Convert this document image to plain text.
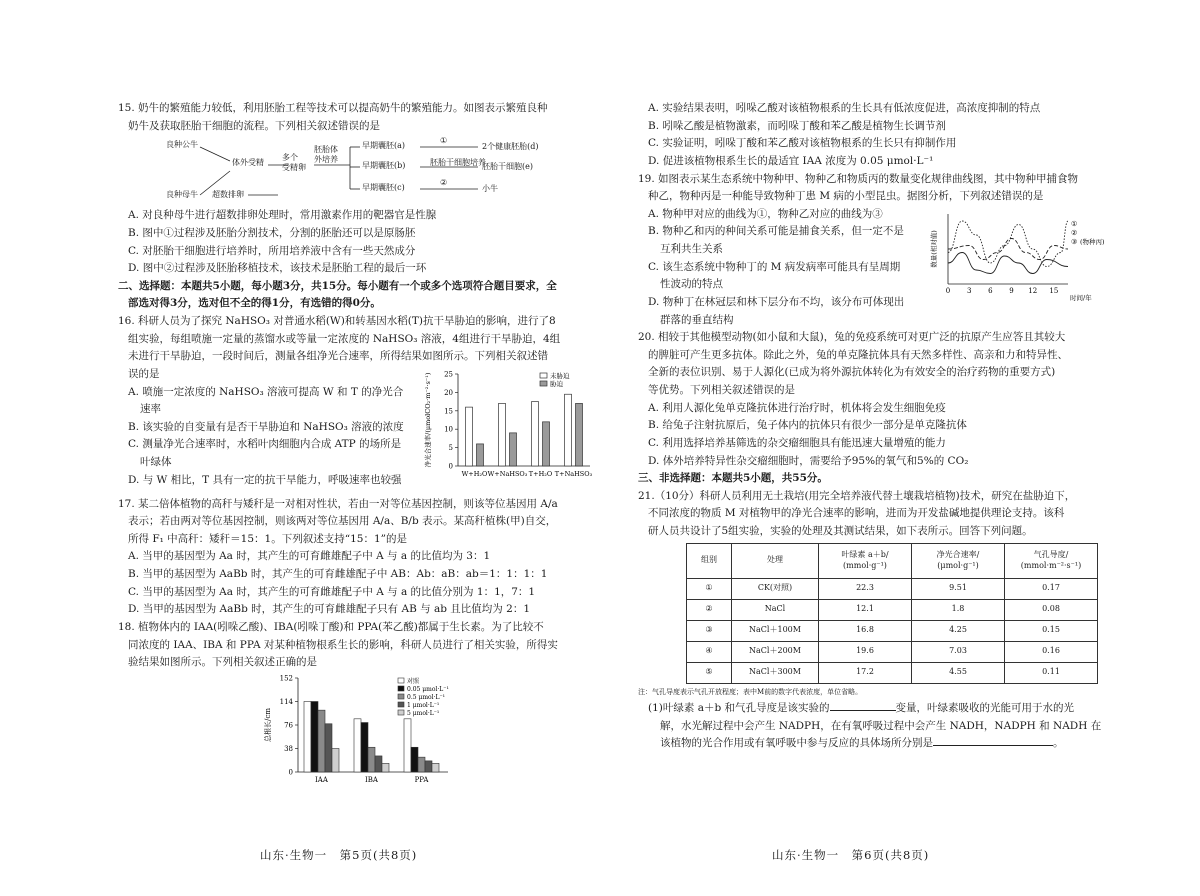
15. 奶牛的繁殖能力较低，利用胚胎工程等技术可以提高奶牛的繁殖能力。如图表示繁殖良种

奶牛及获取胚胎干细胞的流程。下列相关叙述错误的是

良种公牛
体外受精
多个
受精卵
胚胎体
外培养
早期囊胚(a)
早期囊胚(b)
早期囊胚(c)
①
胚胎干细胞培养
②
2个健康胚胎(d)
胚胎干细胞(e)
小牛
良种母牛 超数排卵

A. 对良种母牛进行超数排卵处理时，常用激素作用的靶器官是性腺

B. 图中①过程涉及胚胎分割技术，分割的胚胎还可以是原肠胚

C. 对胚胎干细胞进行培养时，所用培养液中含有一些天然成分

D. 图中②过程涉及胚胎移植技术，该技术是胚胎工程的最后一环

二、选择题：本题共5小题，每小题3分，共15分。每小题有一个或多个选项符合题目要求，全

部选对得3分，选对但不全的得1分，有选错的得0分。

16. 科研人员为了探究 NaHSO₃ 对普通水稻(W)和转基因水稻(T)抗干旱胁迫的影响，进行了8

组实验，每组喷施一定量的蒸馏水或等量一定浓度的 NaHSO₃ 溶液，4组进行干旱胁迫，4组

未进行干旱胁迫，一段时间后，测量各组净光合速率，所得结果如图所示。下列相关叙述错

误的是

A. 喷施一定浓度的 NaHSO₃ 溶液可提高 W 和 T 的净光合

速率

B. 该实验的自变量有是否干旱胁迫和 NaHSO₃ 溶液的浓度

C. 测量净光合速率时，水稻叶肉细胞内合成 ATP 的场所是

叶绿体

D. 与 W 相比，T 具有一定的抗干旱能力，呼吸速率也较强

0
5
10
15
20
25
净光合速率/(μmolCO₂·m⁻²·s⁻¹)
W+H₂O W+NaHSO₃ T+H₂O T+NaHSO₃
未胁迫
胁迫

17. 某二倍体植物的高秆与矮秆是一对相对性状，若由一对等位基因控制，则该等位基因用 A/a

表示；若由两对等位基因控制，则该两对等位基因用 A/a、B/b 表示。某高秆植株(甲)自交，

所得 F₁ 中高秆：矮秆＝15：1。下列叙述支持“15：1”的是

A. 当甲的基因型为 Aa 时，其产生的可育雌雄配子中 A 与 a 的比值均为 3：1

B. 当甲的基因型为 AaBb 时，其产生的可育雌雄配子中 AB：Ab：aB：ab＝1：1：1：1

C. 当甲的基因型为 Aa 时，其产生的可育雌雄配子中 A 与 a 的比值分别为 1：1，7：1

D. 当甲的基因型为 AaBb 时，其产生的可育雌雄配子只有 AB 与 ab 且比值均为 2：1

18. 植物体内的 IAA(吲哚乙酸)、IBA(吲哚丁酸)和 PPA(苯乙酸)都属于生长素。为了比较不

同浓度的 IAA、IBA 和 PPA 对某种植物根系生长的影响，科研人员进行了相关实验，所得实

验结果如图所示。下列相关叙述正确的是

0
38
76
114
152
总根长/cm
IAA	IBA	PPA
对照
0.05 μmol·L⁻¹
0.5 μmol·L⁻¹
1 μmol·L⁻¹
5 μmol·L⁻¹
山东·生物一　第5页(共8页)

A. 实验结果表明，吲哚乙酸对该植物根系的生长具有低浓度促进，高浓度抑制的特点

B. 吲哚乙酸是植物激素，而吲哚丁酸和苯乙酸是植物生长调节剂

C. 实验证明，吲哚丁酸和苯乙酸对该植物根系的生长只有抑制作用

D. 促进该植物根系生长的最适宜 IAA 浓度为 0.05 μmol·L⁻¹

19. 如图表示某生态系统中物种甲、物种乙和物质丙的数量变化规律曲线图，其中物种甲捕食物

种乙，物种丙是一种能导致物种丁患 M 病的小型昆虫。据图分析，下列叙述错误的是

A. 物种甲对应的曲线为①，物种乙对应的曲线为③

B. 物种乙和丙的种间关系可能是捕食关系，但一定不是

互利共生关系

C. 该生态系统中物种丁的 M 病发病率可能具有呈周期

性波动的特点

D. 物种丁在林冠层和林下层分布不均，该分布可体现出

群落的垂直结构

0 3 6 9 12 15
时间/年
数量(相对值)
①
②
③ (物种丙)

20. 相较于其他模型动物(如小鼠和大鼠)，兔的免疫系统可对更广泛的抗原产生应答且其较大

的脾脏可产生更多抗体。除此之外，兔的单克隆抗体具有天然多样性、高亲和力和特异性、

全新的表位识别、易于人源化(已成为将外源抗体转化为有效安全的治疗药物的重要方式)

等优势。下列相关叙述错误的是

A. 利用人源化兔单克隆抗体进行治疗时，机体将会发生细胞免疫

B. 给兔子注射抗原后，兔子体内的抗体只有很少一部分是单克隆抗体

C. 利用选择培养基筛选的杂交瘤细胞具有能迅速大量增殖的能力

D. 体外培养特异性杂交瘤细胞时，需要给予95%的氧气和5%的 CO₂

三、非选择题：本题共5小题，共55分。

21.（10分）科研人员利用无土栽培(用完全培养液代替土壤栽培植物)技术，研究在盐胁迫下，

不同浓度的物质 M 对植物甲的净光合速率的影响，进而为开发盐碱地提供理论支持。该科

研人员共设计了5组实验，实验的处理及其测试结果，如下表所示。回答下列问题。

组别	处理	叶绿素 a＋b/
(mmol·g⁻¹)	净光合速率/
(μmol·g⁻¹)	气孔导度/
(mmol·m⁻²·s⁻¹)
①	CK(对照)	22.3	9.51	0.17
②	NaCl	12.1	1.8	0.08
③	NaCl＋100M	16.8	4.25	0.15
④	NaCl＋200M	19.6	7.03	0.16
⑤	NaCl＋300M	17.2	4.55	0.11

注：气孔导度表示气孔开放程度；表中M前的数字代表浓度，单位省略。

(1)叶绿素 a＋b 和气孔导度是该实验的	变量，叶绿素吸收的光能可用于水的光

解，水光解过程中会产生 NADPH，在有氧呼吸过程中会产生 NADH，NADPH 和 NADH 在

该植物的光合作用或有氧呼吸中参与反应的具体场所分别是	。

山东·生物一　第6页(共8页)
